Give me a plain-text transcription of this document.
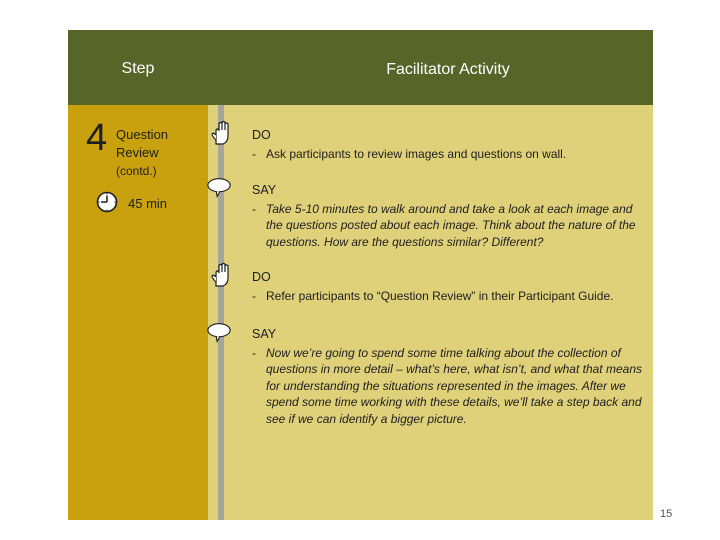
Step	Facilitator Activity
4 Question Review
(contd.)
45 min
DO
- Ask participants to review images and questions on wall.
SAY
- Take 5-10 minutes to walk around and take a look at each image and the questions posted about each image. Think about the nature of the questions. How are the questions similar? Different?
DO
- Refer participants to “Question Review” in their Participant Guide.
SAY
- Now we’re going to spend some time talking about the collection of questions in more detail – what’s here, what isn’t, and what that means for understanding the situations represented in the images. After we spend some time working with these details, we’ll take a step back and see if we can identify a bigger picture.
15
